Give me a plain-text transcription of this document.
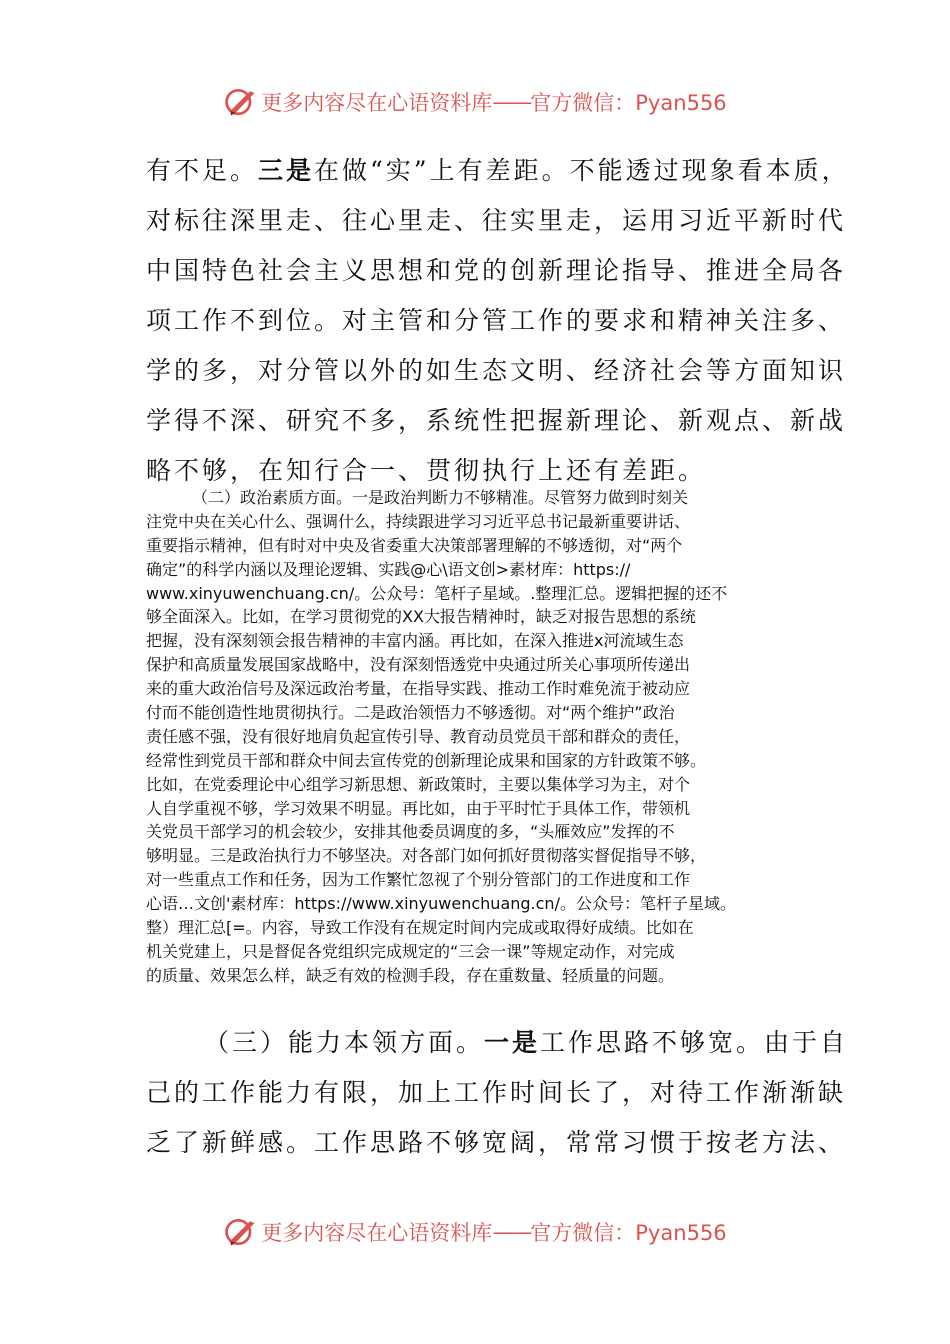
更多内容尽在心语资料库 —— 官方微信：Pyan556
有不足。三是在做“实”上有差距。不能透过现象看本质，
对标往深里走、往心里走、往实里走，运用习近平新时代
中国特色社会主义思想和党的创新理论指导、推进全局各
项工作不到位。对主管和分管工作的要求和精神关注多、
学的多，对分管以外的如生态文明、经济社会等方面知识
学得不深、研究不多，系统性把握新理论、新观点、新战
略不够，在知行合一、贯彻执行上还有差距。
（二）政治素质方面。一是政治判断力不够精准。尽管努力做到时刻关
注党中央在关心什么、强调什么，持续跟进学习习近平总书记最新重要讲话、
重要指示精神，但有时对中央及省委重大决策部署理解的不够透彻，对“两个
确定”的科学内涵以及理论逻辑、实践@心\语文创>素材库：https://
www.xinyuwenchuang.cn/。公众号：笔杆子星域。.整理汇总。逻辑把握的还不
够全面深入。比如，在学习贯彻党的XX大报告精神时，缺乏对报告思想的系统
把握，没有深刻领会报告精神的丰富内涵。再比如，在深入推进x河流域生态
保护和高质量发展国家战略中，没有深刻悟透党中央通过所关心事项所传递出
来的重大政治信号及深远政治考量，在指导实践、推动工作时难免流于被动应
付而不能创造性地贯彻执行。二是政治领悟力不够透彻。对“两个维护”政治
责任感不强，没有很好地肩负起宣传引导、教育动员党员干部和群众的责任，
经常性到党员干部和群众中间去宣传党的创新理论成果和国家的方针政策不够。
比如，在党委理论中心组学习新思想、新政策时，主要以集体学习为主，对个
人自学重视不够，学习效果不明显。再比如，由于平时忙于具体工作，带领机
关党员干部学习的机会较少，安排其他委员调度的多，“头雁效应”发挥的不
够明显。三是政治执行力不够坚决。对各部门如何抓好贯彻落实督促指导不够，
对一些重点工作和任务，因为工作繁忙忽视了个别分管部门的工作进度和工作
心语…文创'素材库：https://www.xinyuwenchuang.cn/。公众号：笔杆子星域。
整）理汇总[=。内容，导致工作没有在规定时间内完成或取得好成绩。比如在
机关党建上，只是督促各党组织完成规定的“三会一课”等规定动作，对完成
的质量、效果怎么样，缺乏有效的检测手段，存在重数量、轻质量的问题。
（三）能力本领方面。一是工作思路不够宽。由于自
己的工作能力有限，加上工作时间长了，对待工作渐渐缺
乏了新鲜感。工作思路不够宽阔，常常习惯于按老方法、
更多内容尽在心语资料库 —— 官方微信：Pyan556
